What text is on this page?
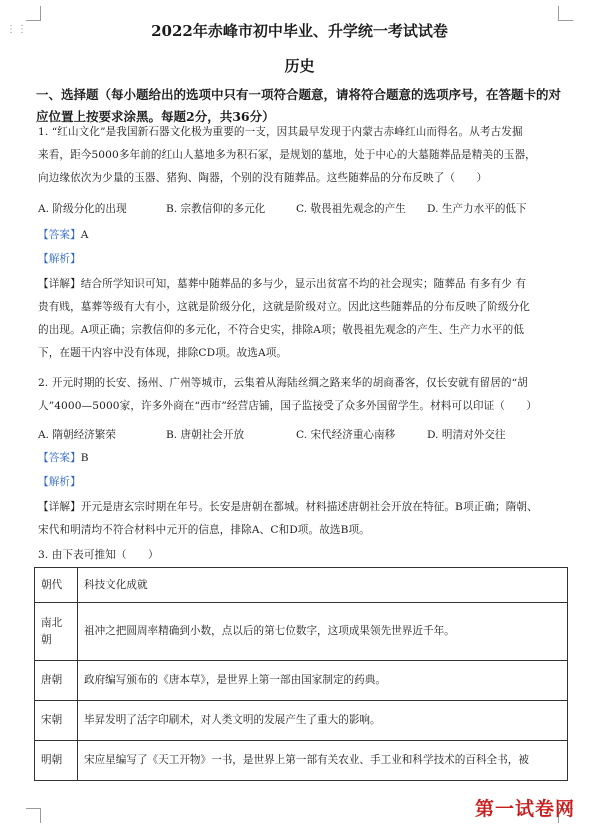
⋮⋮	2022年赤峰市初中毕业、升学统一考试试卷
历史
一、选择题（每小题给出的选项中只有一项符合题意，请将符合题意的选项序号，在答题卡的对应位置上按要求涂黑。每题2分，共36分）
1. “红山文化”是我国新石器文化极为重要的一支，因其最早发现于内蒙古赤峰红山而得名。从考古发掘
来看，距今5000多年前的红山人墓地多为积石冢，是规划的墓地，处于中心的大墓随葬品是精美的玉器，
向边缘依次为少量的玉器、猪狗、陶器，个别的没有随葬品。这些随葬品的分布反映了（　　）
A. 阶级分化的出现	B. 宗教信仰的多元化	C. 敬畏祖先观念的产生	D. 生产力水平的低下
【答案】A
【解析】
【详解】结合所学知识可知，墓葬中随葬品的多与少，显示出贫富不均的社会现实；随葬品 有多有少 有
贵有贱，墓葬等级有大有小，这就是阶级分化，这就是阶级对立。因此这些随葬品的分布反映了阶级分化
的出现。A项正确；宗教信仰的多元化，不符合史实，排除A项；敬畏祖先观念的产生、生产力水平的低
下，在题干内容中没有体现，排除CD项。故选A项。
2. 开元时期的长安、扬州、广州等城市，云集着从海陆丝绸之路来华的胡商番客，仅长安就有留居的“胡
人”4000—5000家，许多外商在“西市”经营店铺，国子监接受了众多外国留学生。材料可以印证（　　）
A. 隋朝经济繁荣	B. 唐朝社会开放	C. 宋代经济重心南移	D. 明清对外交往
【答案】B
【解析】
【详解】开元是唐玄宗时期在年号。长安是唐朝在都城。材料描述唐朝社会开放在特征。B项正确；隋朝、
宋代和明清均不符合材料中元开的信息，排除A、C和D项。故选B项。
3. 由下表可推知（　　）
朝代	科技文化成就
南北朝	祖冲之把圆周率精确到小数，点以后的第七位数字，这项成果领先世界近千年。
唐朝	政府编写颁布的《唐本草》，是世界上第一部由国家制定的药典。
宋朝	毕昇发明了活字印刷术，对人类文明的发展产生了重大的影响。
明朝	宋应星编写了《天工开物》一书，是世界上第一部有关农业、手工业和科学技术的百科全书，被
第一试卷网
